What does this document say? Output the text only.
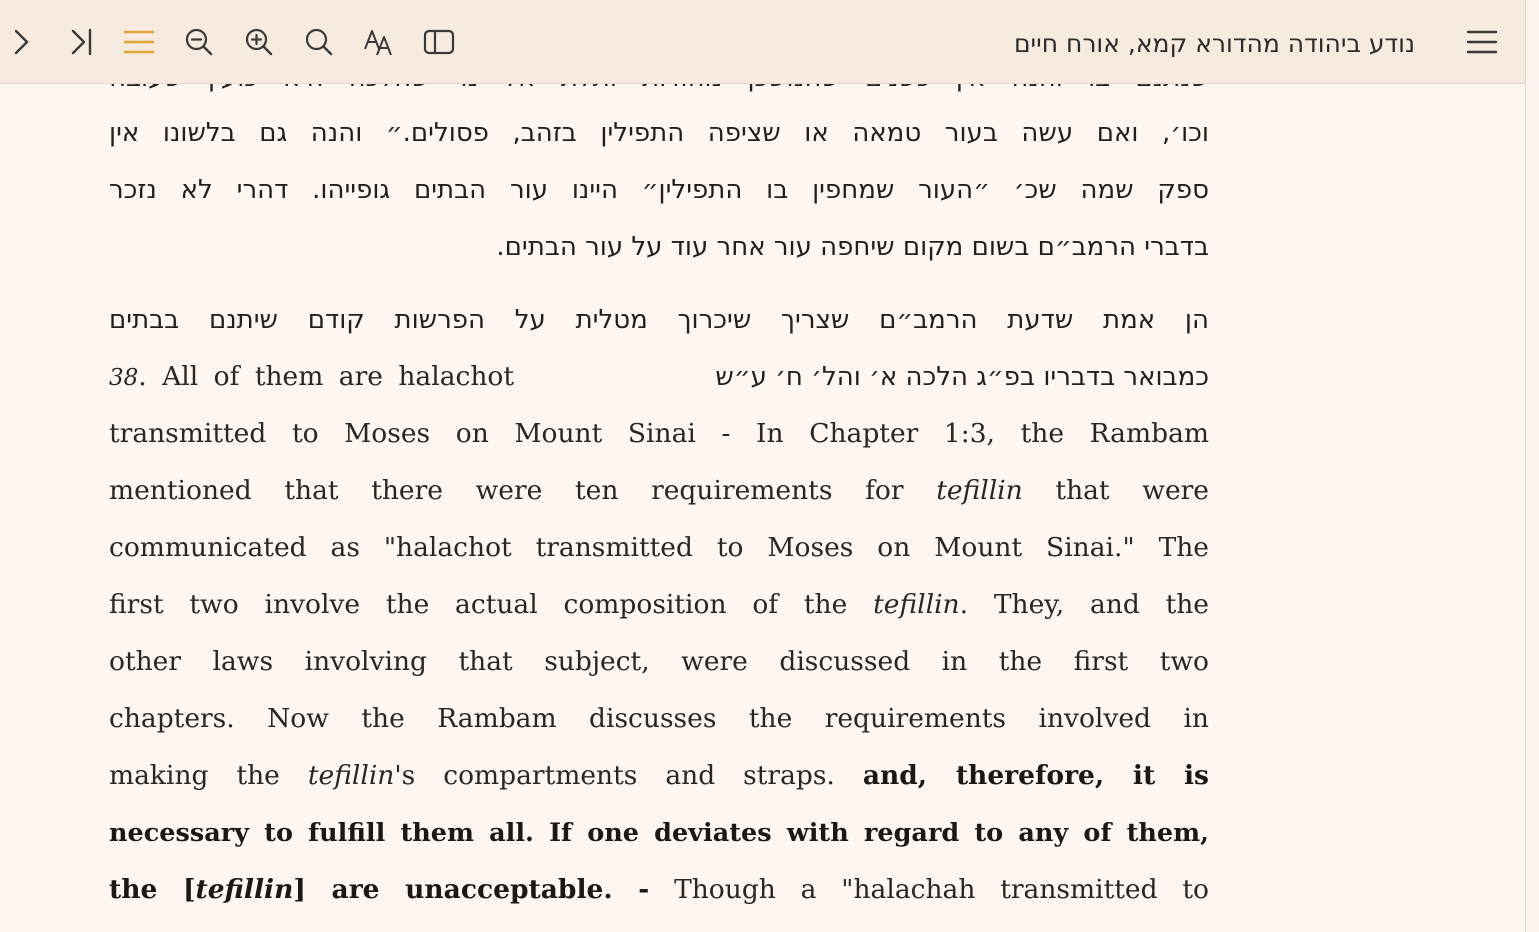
נודע ביהודה מהדורא קמא, אורח חיים
וכו׳, ואם עשה בעור טמאה או שציפה התפילין בזהב, פסולים.״ והנה גם בלשונו אין
ספק שמה שכ׳ ״העור שמחפין בו התפילין״ היינו עור הבתים גופייהו. דהרי לא נזכר
בדברי הרמב״ם בשום מקום שיחפה עור אחר עוד על עור הבתים.
הן אמת שדעת הרמב״ם שצריך שיכרוך מטלית על הפרשות קודם שיתנם בבתים
38. All of them are halachot	כמבואר בדבריו בפ״ג הלכה א׳ והל׳ ח׳ ע״ש
transmitted to Moses on Mount Sinai - In Chapter 1:3, the Rambam
mentioned that there were ten requirements for tefillin that were
communicated as "halachot transmitted to Moses on Mount Sinai." The
first two involve the actual composition of the tefillin. They, and the
other laws involving that subject, were discussed in the first two
chapters. Now the Rambam discusses the requirements involved in
making the tefillin's compartments and straps. and, therefore, it is
necessary to fulfill them all. If one deviates with regard to any of them,
the [tefillin] are unacceptable. - Though a "halachah transmitted to
